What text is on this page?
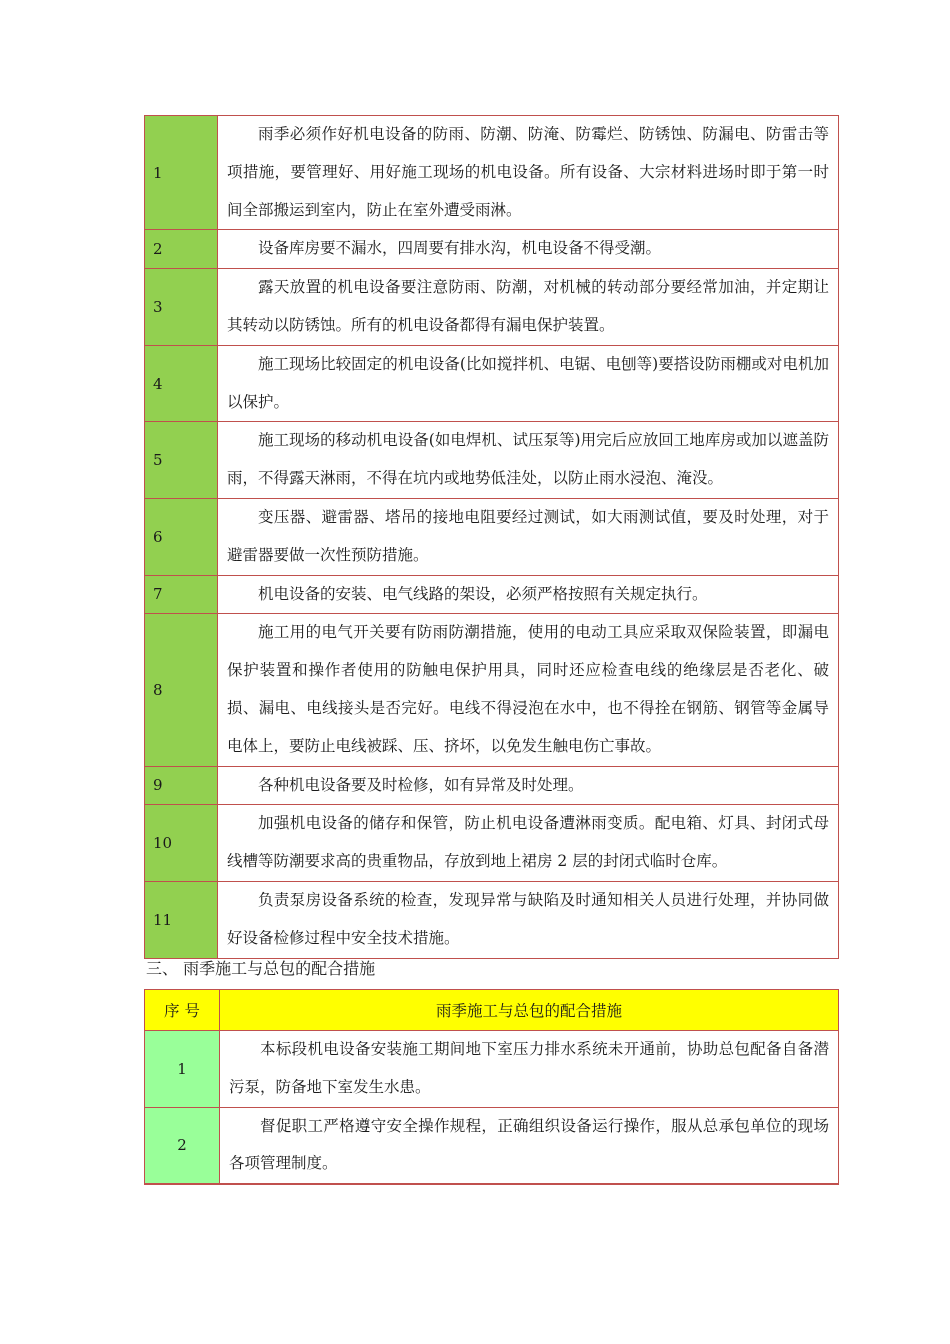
1	雨季必须作好机电设备的防雨、防潮、防淹、防霉烂、防锈蚀、防漏电、防雷击等项措施，要管理好、用好施工现场的机电设备。所有设备、大宗材料进场时即于第一时间全部搬运到室内，防止在室外遭受雨淋。
2	设备库房要不漏水，四周要有排水沟，机电设备不得受潮。
3	露天放置的机电设备要注意防雨、防潮，对机械的转动部分要经常加油，并定期让其转动以防锈蚀。所有的机电设备都得有漏电保护装置。
4	施工现场比较固定的机电设备(比如搅拌机、电锯、电刨等)要搭设防雨棚或对电机加以保护。
5	施工现场的移动机电设备(如电焊机、试压泵等)用完后应放回工地库房或加以遮盖防雨，不得露天淋雨，不得在坑内或地势低洼处，以防止雨水浸泡、淹没。
6	变压器、避雷器、塔吊的接地电阻要经过测试，如大雨测试值，要及时处理，对于避雷器要做一次性预防措施。
7	机电设备的安装、电气线路的架设，必须严格按照有关规定执行。
8	施工用的电气开关要有防雨防潮措施，使用的电动工具应采取双保险装置，即漏电保护装置和操作者使用的防触电保护用具，同时还应检查电线的绝缘层是否老化、破损、漏电、电线接头是否完好。电线不得浸泡在水中，也不得拴在钢筋、钢管等金属导电体上，要防止电线被踩、压、挤坏，以免发生触电伤亡事故。
9	各种机电设备要及时检修，如有异常及时处理。
10	加强机电设备的储存和保管，防止机电设备遭淋雨变质。配电箱、灯具、封闭式母线槽等防潮要求高的贵重物品，存放到地上裙房 2 层的封闭式临时仓库。
11	负责泵房设备系统的检查，发现异常与缺陷及时通知相关人员进行处理，并协同做好设备检修过程中安全技术措施。
三、 雨季施工与总包的配合措施
序 号	雨季施工与总包的配合措施
1	本标段机电设备安装施工期间地下室压力排水系统未开通前，协助总包配备自备潜污泵，防备地下室发生水患。
2	督促职工严格遵守安全操作规程，正确组织设备运行操作，服从总承包单位的现场各项管理制度。
